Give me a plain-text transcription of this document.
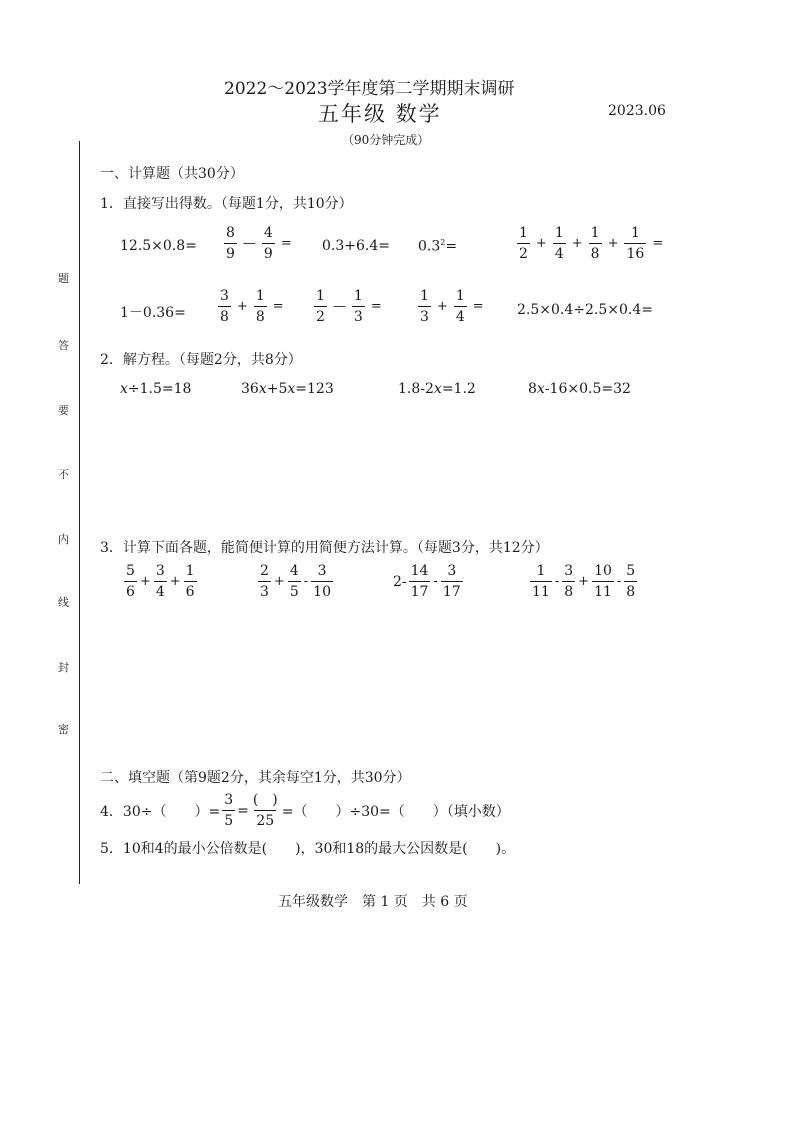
2022～2023学年度第二学期期末调研
五年级 数学	2023.06
（90分钟完成）
题
答
要
不
内
线
封
密
一、计算题（共30分）
1．直接写出得数。（每题1分，共10分）
$12.5\times 0.8= \frac{8}{9}$ — $\frac{4}{9} = 0.3+6.4= 0.3^2=$	$\frac{1}{2} + \frac{1}{4} + \frac{1}{8} + \frac{1}{16}$ =
$1-0.36= \frac{3}{8} + \frac{1}{8} = \frac{1}{2}$ — $\frac{1}{3}$ =	$\frac{1}{3} + \frac{1}{4} = 2.5\times 0.4\div 2.5\times 0.4=$
2．解方程。（每题2分，共8分）
x÷1.5=18	36x+5x=123	1.8-2x=1.2	8x-16×0.5=32
3．计算下面各题，能简便计算的用简便方法计算。（每题3分，共12分）
$\frac{5}{6} + \frac{3}{4} + \frac{1}{6}$	$\frac{2}{3} + \frac{4}{5} - \frac{3}{10}$	$2- \frac{14}{17} - \frac{3}{17}$	$\frac{1}{11} - \frac{3}{8} + \frac{10}{11} - \frac{5}{8}$
二、填空题（第9题2分，其余每空1分，共30分）
4．30÷（　　）= $\frac{3}{5} = \frac{( )}{25}$ =（　　）÷30=（　　）（填小数）
5．10和4的最小公倍数是(　　)，30和18的最大公因数是(　　)。
五年级数学　第 1 页　共 6 页
